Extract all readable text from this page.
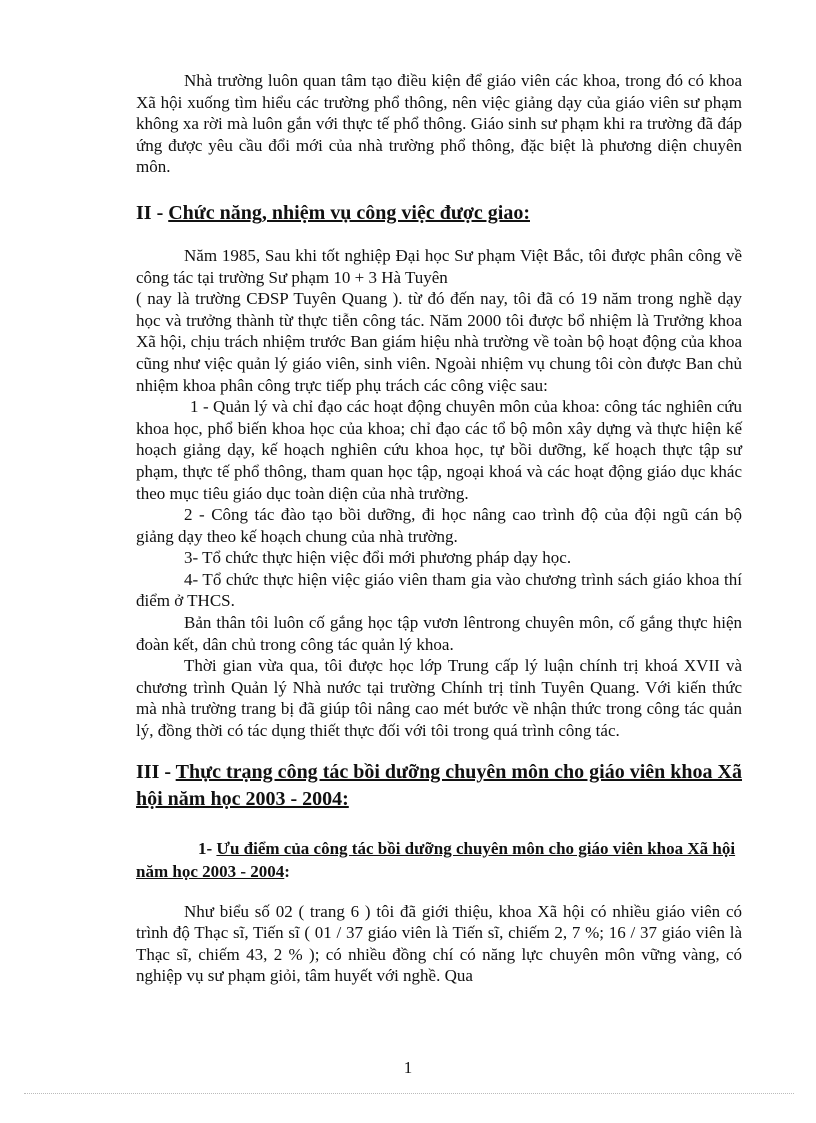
Nhà trường luôn quan tâm tạo điều kiện để giáo viên các khoa, trong đó có khoa Xã hội xuống tìm hiểu các trường phổ thông, nên việc giảng dạy của giáo viên sư phạm không xa rời mà luôn gắn với thực tế phổ thông. Giáo sinh sư phạm khi ra trường đã đáp ứng được yêu cầu đổi mới của nhà trường phổ thông, đặc biệt là phương diện chuyên môn.

II - Chức năng, nhiệm vụ công việc được giao:

Năm 1985, Sau khi tốt nghiệp Đại học Sư phạm Việt Bắc, tôi được phân công về công tác tại trường Sư phạm 10 + 3 Hà Tuyên

( nay là trường CĐSP Tuyên Quang ). từ đó đến nay, tôi đã có 19 năm trong nghề dạy học và trưởng thành từ thực tiễn công tác. Năm 2000 tôi được bổ nhiệm là Trưởng khoa Xã hội, chịu trách nhiệm trước Ban giám hiệu nhà trường về toàn bộ hoạt động của khoa cũng như việc quản lý giáo viên, sinh viên. Ngoài nhiệm vụ chung tôi còn được Ban chủ nhiệm khoa phân công trực tiếp phụ trách các công việc sau:

1 - Quản lý và chỉ đạo các hoạt động chuyên môn của khoa: công tác nghiên cứu khoa học, phổ biến khoa học của khoa; chỉ đạo các tổ bộ môn xây dựng và thực hiện kế hoạch giảng dạy, kế hoạch nghiên cứu khoa học, tự bồi dưỡng, kế hoạch thực tập sư phạm, thực tế phổ thông, tham quan học tập, ngoại khoá và các hoạt động giáo dục khác theo mục tiêu giáo dục toàn diện của nhà trường.

2 - Công tác đào tạo bồi dưỡng, đi học nâng cao trình độ của đội ngũ cán bộ giảng dạy theo kế hoạch chung của nhà trường.

3- Tổ chức thực hiện việc đổi mới phương pháp dạy học.

4- Tổ chức thực hiện việc giáo viên tham gia vào chương trình sách giáo khoa thí điểm ở THCS.

Bản thân tôi luôn cố gắng học tập vươn lêntrong chuyên môn, cố gắng thực hiện đoàn kết, dân chủ trong công tác quản lý khoa.

Thời gian vừa qua, tôi được học lớp Trung cấp lý luận chính trị khoá XVII và chương trình Quản lý Nhà nước tại trường Chính trị tỉnh Tuyên Quang. Với kiến thức mà nhà trường trang bị đã giúp tôi nâng cao mét bước về nhận thức trong công tác quản lý, đồng thời có tác dụng thiết thực đối với tôi trong quá trình công tác.

III - Thực trạng công tác bồi dưỡng chuyên môn cho giáo viên khoa Xã hội năm học 2003 - 2004:
1- Ưu điểm của công tác bồi dưỡng chuyên môn cho giáo viên khoa Xã hội năm học 2003 - 2004:

Như biểu số 02 ( trang 6 ) tôi đã giới thiệu, khoa Xã hội có nhiều giáo viên có trình độ Thạc sĩ, Tiến sĩ ( 01 / 37 giáo viên là Tiến sĩ, chiếm 2, 7 %; 16 / 37 giáo viên là Thạc sĩ, chiếm 43, 2 % ); có nhiều đồng chí có năng lực chuyên môn vững vàng, có nghiệp vụ sư phạm giỏi, tâm huyết với nghề. Qua

1
